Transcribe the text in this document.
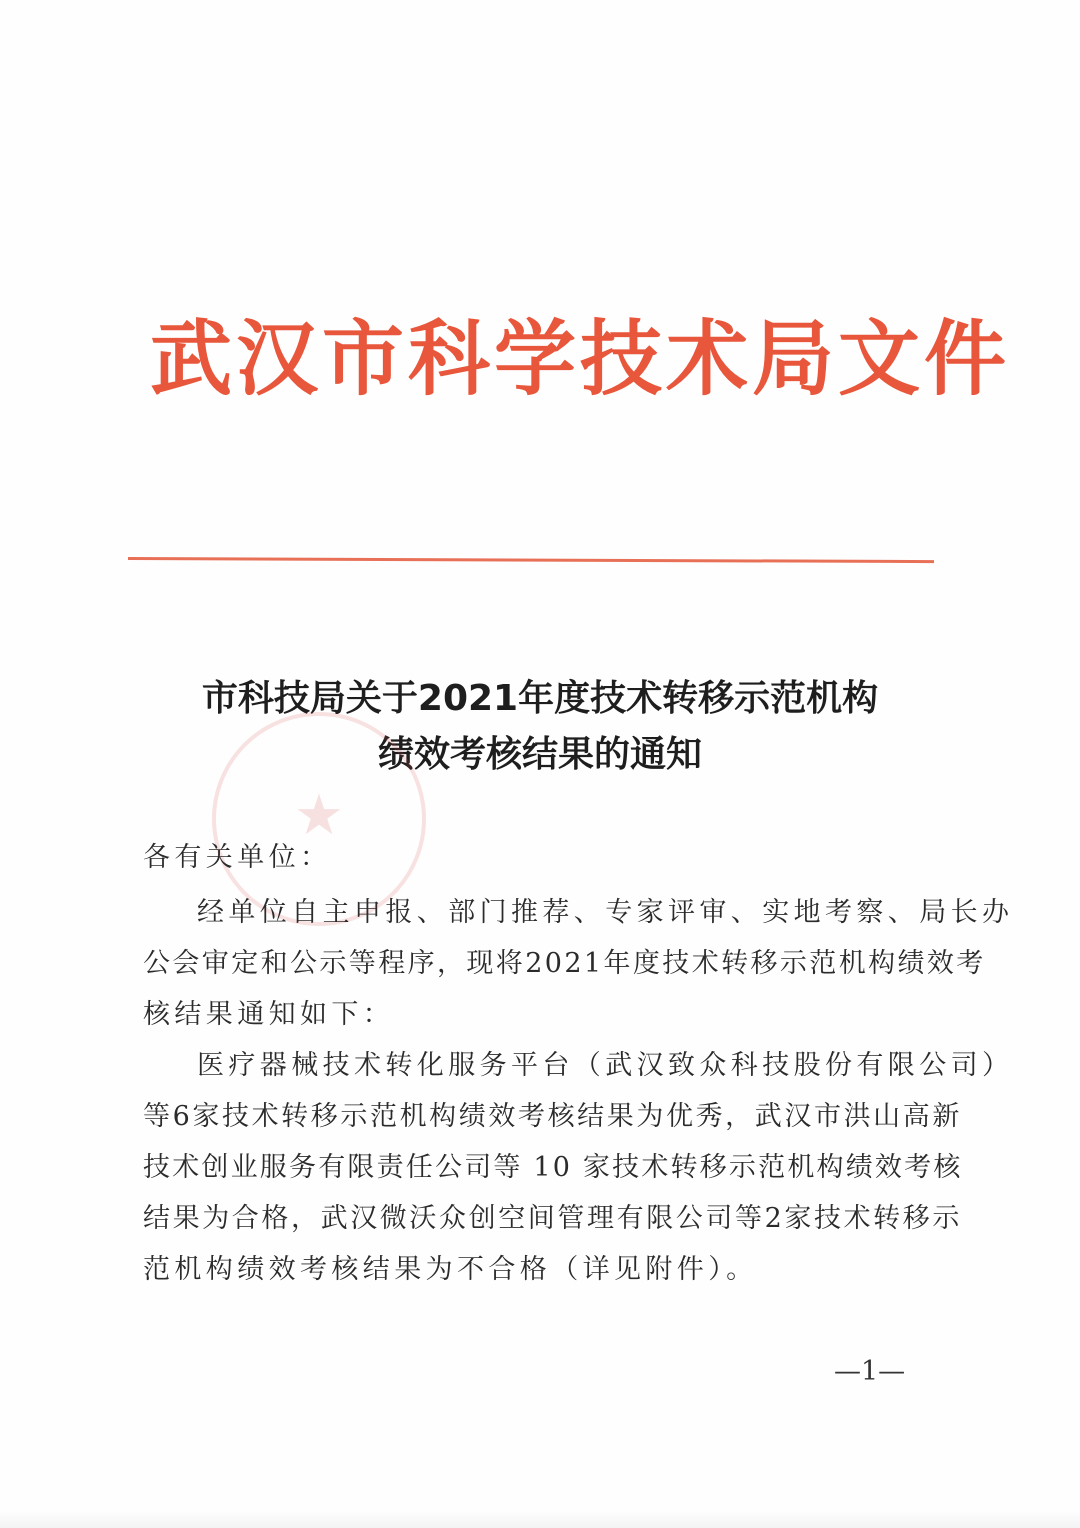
武汉市科学技术局文件
市科技局关于2021年度技术转移示范机构
绩效考核结果的通知
★
各有关单位：
经单位自主申报、部门推荐、专家评审、实地考察、局长办
公会审定和公示等程序，现将2021年度技术转移示范机构绩效考
核结果通知如下：
医疗器械技术转化服务平台（武汉致众科技股份有限公司）
等6家技术转移示范机构绩效考核结果为优秀，武汉市洪山高新
技术创业服务有限责任公司等 10 家技术转移示范机构绩效考核
结果为合格，武汉微沃众创空间管理有限公司等2家技术转移示
范机构绩效考核结果为不合格（详见附件）。
—1—
